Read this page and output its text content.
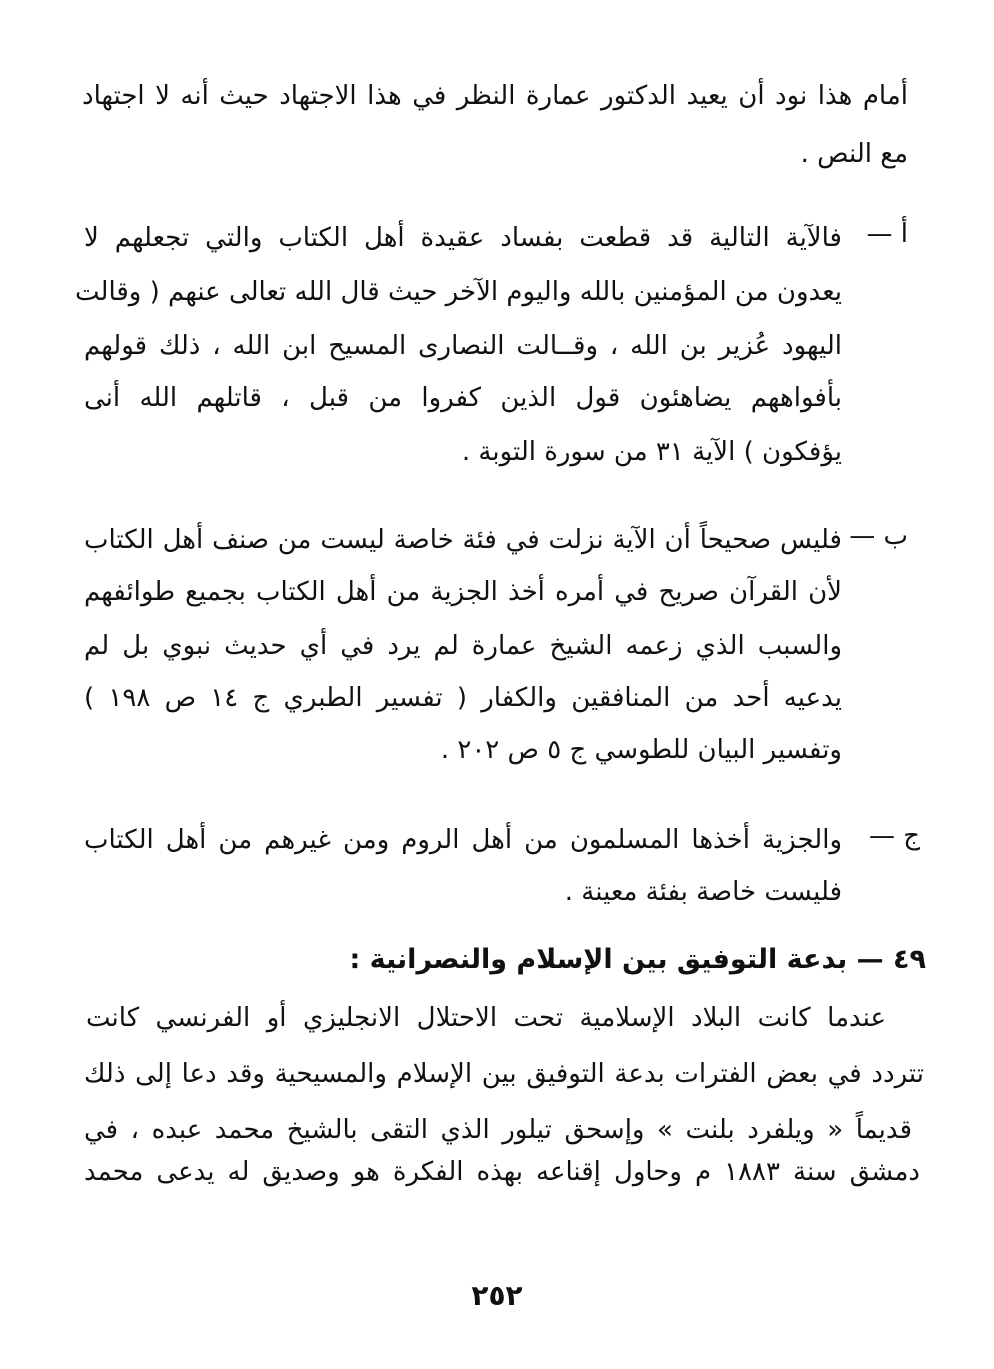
أمام هذا نود أن يعيد الدكتور عمارة النظر في هذا الاجتهاد حيث أنه لا اجتهاد
مع النص .
أ —
فالآية التالية قد قطعت بفساد عقيدة أهل الكتاب والتي تجعلهم لا
يعدون من المؤمنين بالله واليوم الآخر حيث قال الله تعالى عنهم ( وقالت
اليهود عُزير بن الله ، وقــالت النصارى المسيح ابن الله ، ذلك قولهم
بأفواههم يضاهئون قول الذين كفروا من قبل ، قاتلهم الله أنى
يؤفكون ) الآية ٣١ من سورة التوبة .
ب —
فليس صحيحاً أن الآية نزلت في فئة خاصة ليست من صنف أهل الكتاب
لأن القرآن صريح في أمره أخذ الجزية من أهل الكتاب بجميع طوائفهم
والسبب الذي زعمه الشيخ عمارة لم يرد في أي حديث نبوي بل لم
يدعيه أحد من المنافقين والكفار ( تفسير الطبري ج ١٤ ص ١٩٨ )
وتفسير البيان للطوسي ج ٥ ص ٢٠٢ .
ج —
والجزية أخذها المسلمون من أهل الروم ومن غيرهم من أهل الكتاب
فليست خاصة بفئة معينة .
٤٩ — بدعة التوفيق بين الإسلام والنصرانية :
عندما كانت البلاد الإسلامية تحت الاحتلال الانجليزي أو الفرنسي كانت
تتردد في بعض الفترات بدعة التوفيق بين الإسلام والمسيحية وقد دعا إلى ذلك
قديماً « ويلفرد بلنت » وإسحق تيلور الذي التقى بالشيخ محمد عبده ، في
دمشق سنة ١٨٨٣ م وحاول إقناعه بهذه الفكرة هو وصديق له يدعى محمد
٢٥٢
